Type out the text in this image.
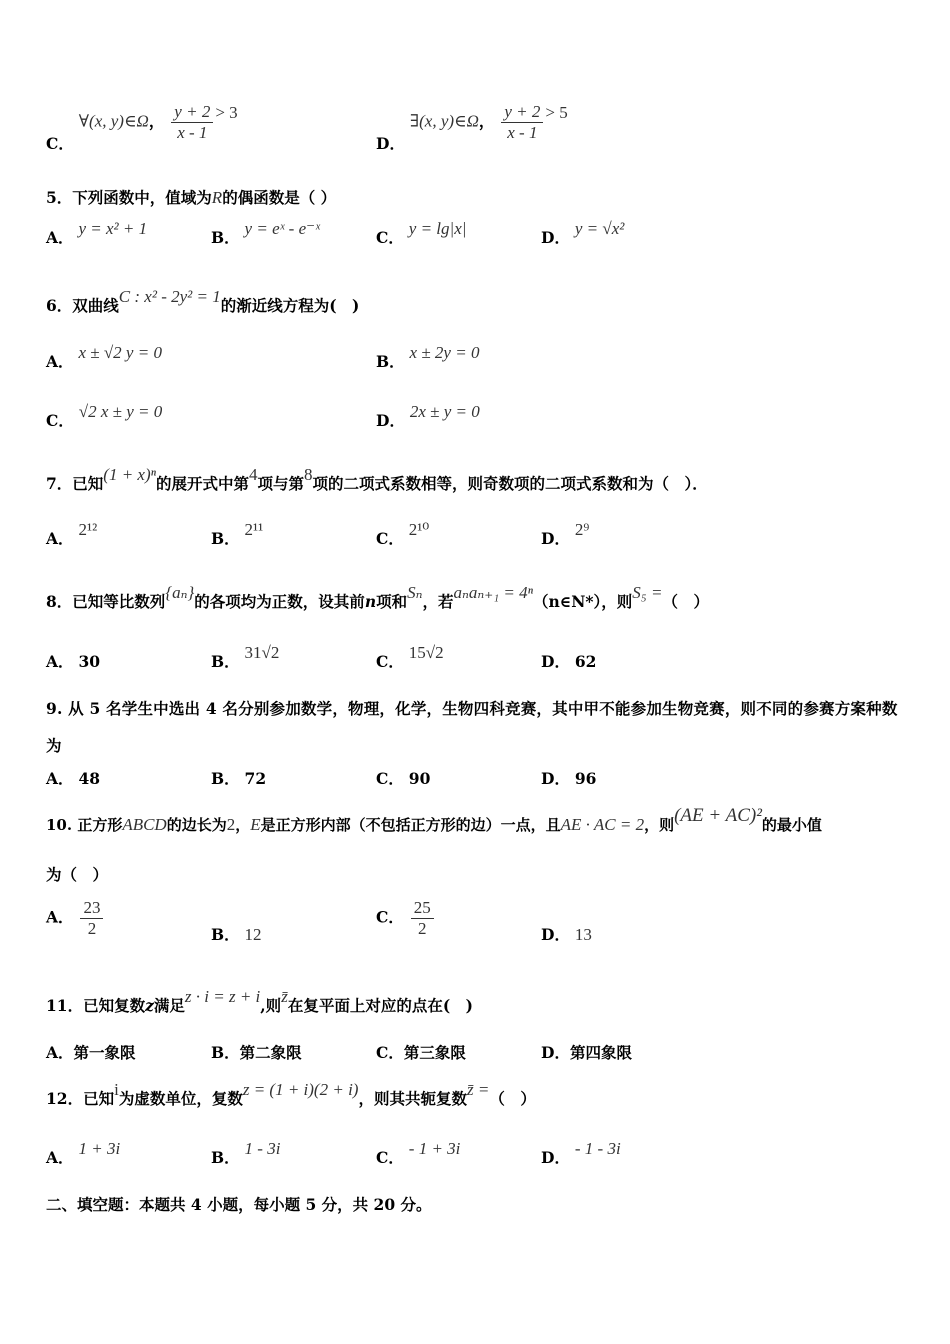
C． ∀(x, y)∈Ω， $\frac{y + 2}{x - 1} > 3$
D． ∃(x, y)∈Ω， $\frac{y + 2}{x - 1} > 5$
5．下列函数中，值域为R的偶函数是（ ）
A． y = x² + 1	B． y = eˣ - e⁻ˣ	C． y = lg|x|	D． y = √x²
6．双曲线C : x² - 2y² = 1的渐近线方程为(　)
A． x ± √2 y = 0	B． x ± 2y = 0
C． √2 x ± y = 0	D． 2x ± y = 0
7．已知(1 + x)ⁿ的展开式中第4项与第8项的二项式系数相等，则奇数项的二项式系数和为（　）．
A． 2¹²	B． 2¹¹	C． 2¹⁰	D． 2⁹
8．已知等比数列{aₙ}的各项均为正数，设其前n项和Sₙ，若aₙaₙ₊₁ = 4ⁿ（n∈N*），则S₅ =（　）
A． 30	B． 31√2	C． 15√2	D． 62
9. 从 5 名学生中选出 4 名分别参加数学，物理，化学，生物四科竞赛，其中甲不能参加生物竞赛，则不同的参赛方案种数
为
A． 48	B． 72	C． 90	D． 96
10. 正方形ABCD的边长为2，E是正方形内部（不包括正方形的边）一点，且AE · AC = 2，则(AE + AC)²的最小值
为（　）
A． $\frac{23}{2}$	B． 12
C． $\frac{25}{2}$	D． 13
11．已知复数z满足z · i = z + i,则z̄在复平面上对应的点在(　)
A．第一象限	B．第二象限	C．第三象限	D．第四象限
12．已知i为虚数单位，复数z = (1 + i)(2 + i)，则其共轭复数z̄ =（　）
A． 1 + 3i	B． 1 - 3i	C． - 1 + 3i	D． - 1 - 3i
二、填空题：本题共 4 小题，每小题 5 分，共 20 分。
